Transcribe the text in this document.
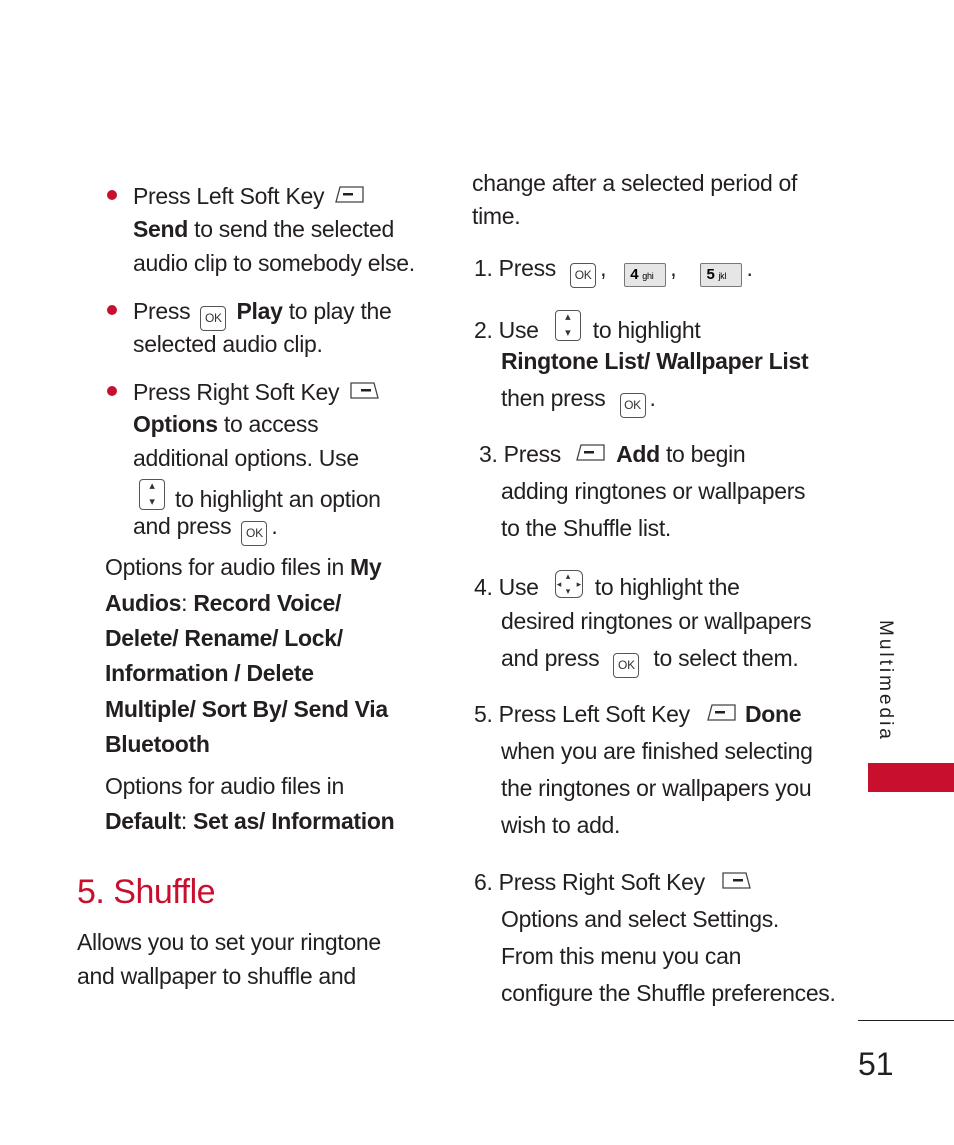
Press Left Soft Key
Send to send the selected
audio clip to somebody else.
Press OK Play to play the
selected audio clip.
Press Right Soft Key
Options to access
additional options. Use
▴ ▾to highlight an option
and press OK .
Options for audio files in My
Audios: Record Voice/
Delete/ Rename/ Lock/
Information / Delete
Multiple/ Sort By/ Send Via
Bluetooth
Options for audio files in
Default: Set as/ Information
5. Shuffle
Allows you to set your ringtone
and wallpaper to shuffle and
change after a selected period of
time.
1. Press OK , 4 ghi , 5 jkl .
2. Use ▴ ▾ to highlight
Ringtone List/ Wallpaper List
then press OK .
3. Press Add to begin
adding ringtones or wallpapers
to the Shuffle list.
4. Use	▴
▾
◂ ▸ to highlight the
desired ringtones or wallpapers
and press OK to select them.
5. Press Left Soft Key Done
when you are finished selecting
the ringtones or wallpapers you
wish to add.
6. Press Right Soft Key
Options and select Settings.
From this menu you can
configure the Shuffle preferences.
Multimedia
51
